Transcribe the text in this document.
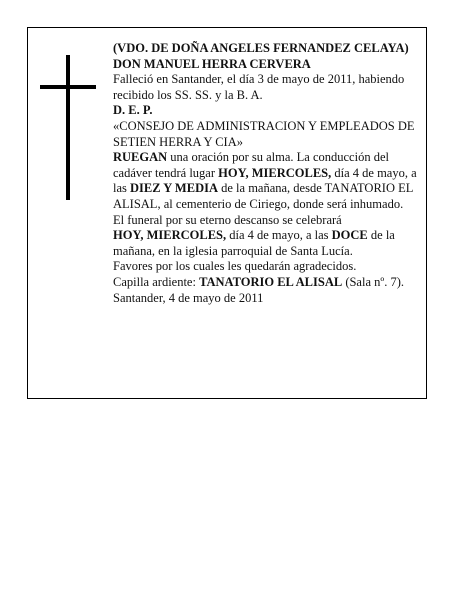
(VDO. DE DOÑA ANGELES FERNANDEZ CELAYA)

DON MANUEL HERRA CERVERA

Falleció en Santander, el día 3 de mayo de 2011, habiendo recibido los SS. SS. y la B. A.

D. E. P.

«CONSEJO DE ADMINISTRACION Y EMPLEADOS DE SETIEN HERRA Y CIA»

RUEGAN una oración por su alma. La conducción del cadáver tendrá lugar HOY, MIERCOLES, día 4 de mayo, a las DIEZ Y MEDIA de la mañana, desde TANATORIO EL ALISAL, al cementerio de Ciriego, donde será inhumado.

El funeral por su eterno descanso se celebrará

HOY, MIERCOLES, día 4 de mayo, a las DOCE de la mañana, en la iglesia parroquial de Santa Lucía.

Favores por los cuales les quedarán agradecidos.

Capilla ardiente: TANATORIO EL ALISAL (Sala nº. 7).

Santander, 4 de mayo de 2011
